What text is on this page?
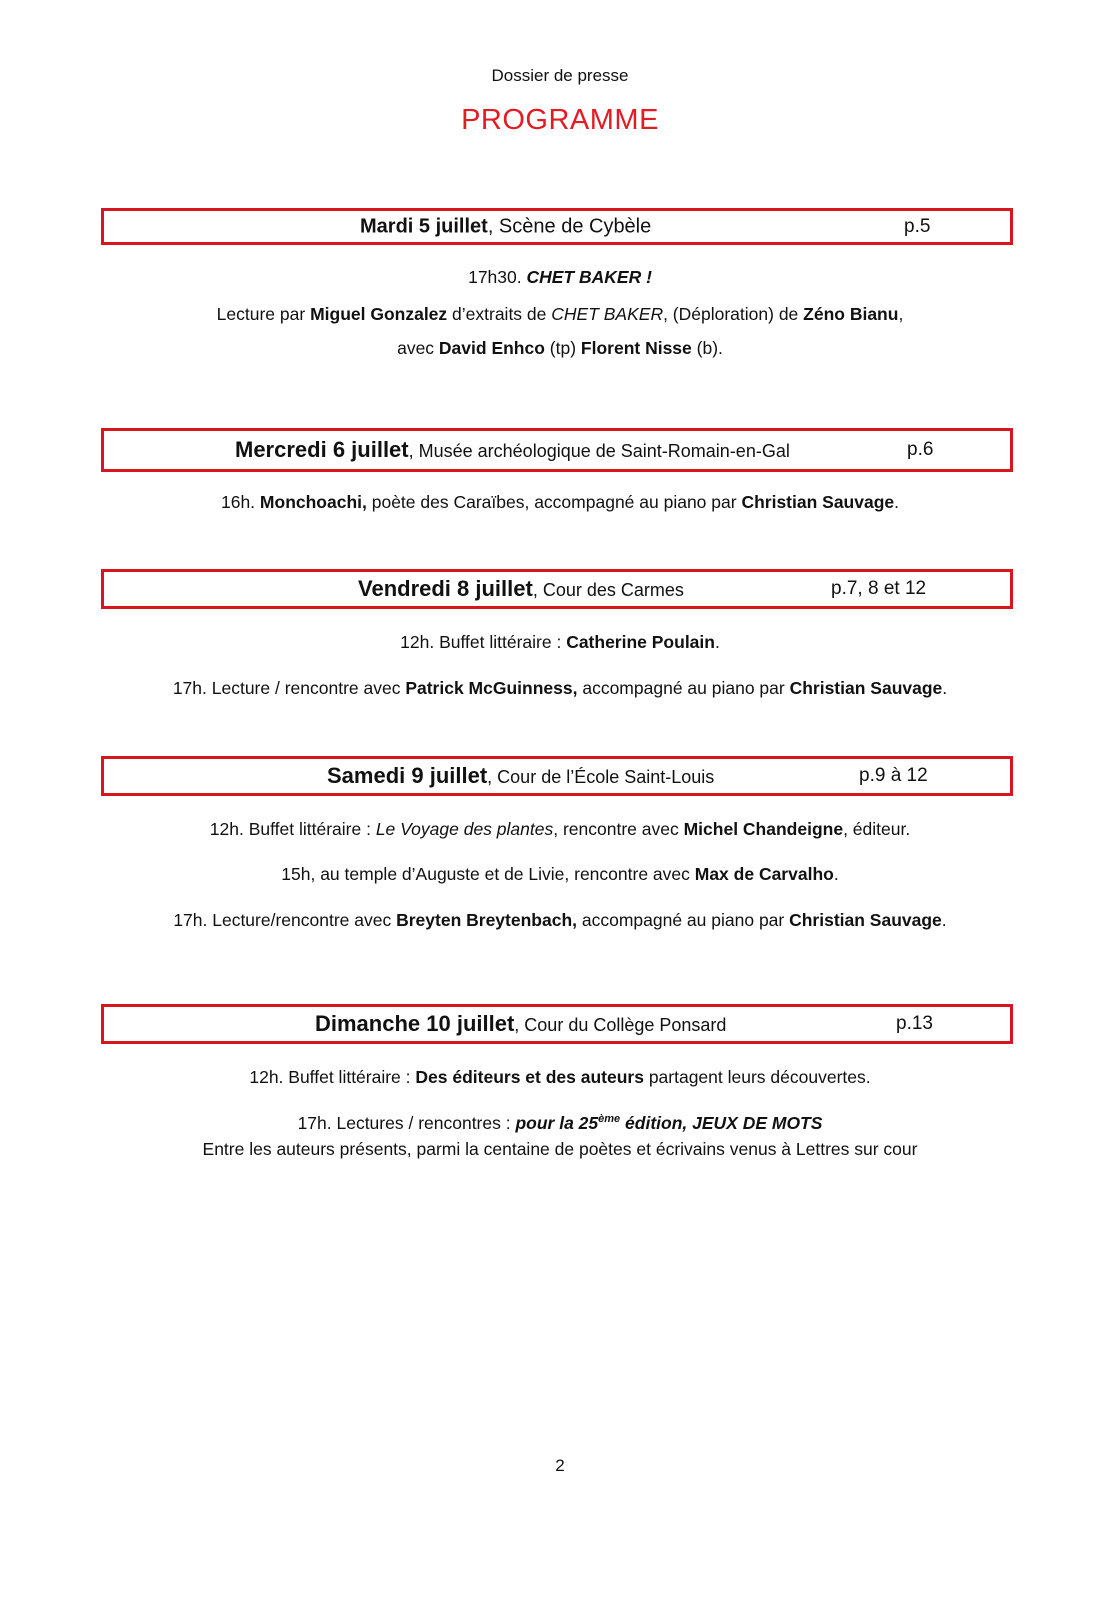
Dossier de presse
PROGRAMME
Mardi 5 juillet, Scène de Cybèle	p.5
17h30. CHET BAKER !
Lecture par Miguel Gonzalez d’extraits de CHET BAKER, (Déploration) de Zéno Bianu,
avec David Enhco (tp) Florent Nisse (b).
Mercredi 6 juillet, Musée archéologique de Saint-Romain-en-Gal	p.6
16h. Monchoachi, poète des Caraïbes, accompagné au piano par Christian Sauvage.
Vendredi 8 juillet, Cour des Carmes	p.7, 8 et 12
12h. Buffet littéraire : Catherine Poulain.
17h. Lecture / rencontre avec Patrick McGuinness, accompagné au piano par Christian Sauvage.
Samedi 9 juillet, Cour de l’École Saint-Louis	p.9 à 12
12h. Buffet littéraire : Le Voyage des plantes, rencontre avec Michel Chandeigne, éditeur.
15h, au temple d’Auguste et de Livie, rencontre avec Max de Carvalho.
17h. Lecture/rencontre avec Breyten Breytenbach, accompagné au piano par Christian Sauvage.
Dimanche 10 juillet, Cour du Collège Ponsard	p.13
12h. Buffet littéraire : Des éditeurs et des auteurs partagent leurs découvertes.
17h. Lectures / rencontres : pour la 25ème édition, JEUX DE MOTS
Entre les auteurs présents, parmi la centaine de poètes et écrivains venus à Lettres sur cour
2
